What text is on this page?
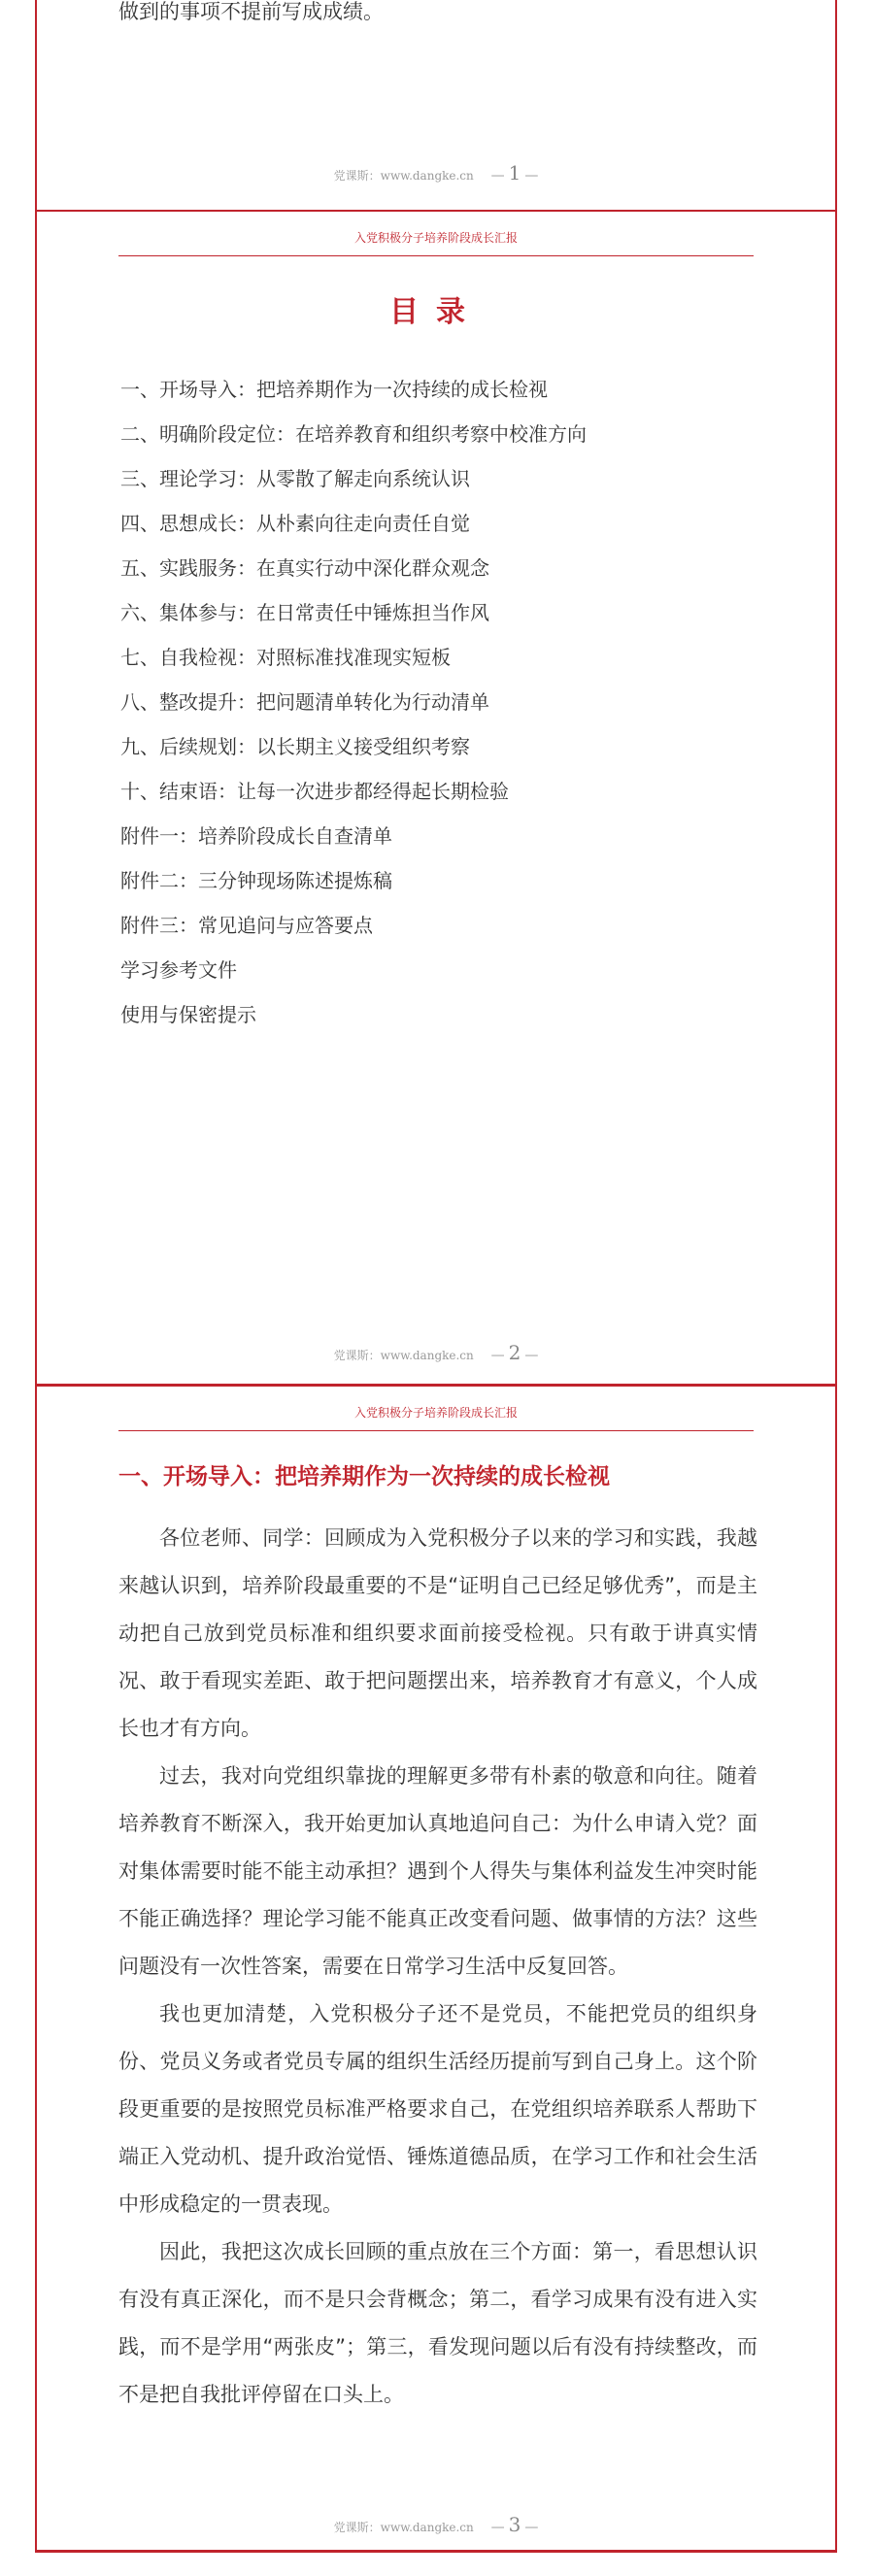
做到的事项不提前写成成绩。
党课斯：www.dangke.cn 　— 1 —
入党积极分子培养阶段成长汇报
目录
一、开场导入：把培养期作为一次持续的成长检视
二、明确阶段定位：在培养教育和组织考察中校准方向
三、理论学习：从零散了解走向系统认识
四、思想成长：从朴素向往走向责任自觉
五、实践服务：在真实行动中深化群众观念
六、集体参与：在日常责任中锤炼担当作风
七、自我检视：对照标准找准现实短板
八、整改提升：把问题清单转化为行动清单
九、后续规划：以长期主义接受组织考察
十、结束语：让每一次进步都经得起长期检验
附件一：培养阶段成长自查清单
附件二：三分钟现场陈述提炼稿
附件三：常见追问与应答要点
学习参考文件
使用与保密提示
党课斯：www.dangke.cn 　— 2 —
入党积极分子培养阶段成长汇报
一、开场导入：把培养期作为一次持续的成长检视

各位老师、同学：回顾成为入党积极分子以来的学习和实践，我越来越认识到，培养阶段最重要的不是“证明自己已经足够优秀”，而是主动把自己放到党员标准和组织要求面前接受检视。只有敢于讲真实情况、敢于看现实差距、敢于把问题摆出来，培养教育才有意义，个人成长也才有方向。

过去，我对向党组织靠拢的理解更多带有朴素的敬意和向往。随着培养教育不断深入，我开始更加认真地追问自己：为什么申请入党？面对集体需要时能不能主动承担？遇到个人得失与集体利益发生冲突时能不能正确选择？理论学习能不能真正改变看问题、做事情的方法？这些问题没有一次性答案，需要在日常学习生活中反复回答。

我也更加清楚，入党积极分子还不是党员，不能把党员的组织身份、党员义务或者党员专属的组织生活经历提前写到自己身上。这个阶段更重要的是按照党员标准严格要求自己，在党组织培养联系人帮助下端正入党动机、提升政治觉悟、锤炼道德品质，在学习工作和社会生活中形成稳定的一贯表现。

因此，我把这次成长回顾的重点放在三个方面：第一，看思想认识有没有真正深化，而不是只会背概念；第二，看学习成果有没有进入实践，而不是学用“两张皮”；第三，看发现问题以后有没有持续整改，而不是把自我批评停留在口头上。

党课斯：www.dangke.cn 　— 3 —
